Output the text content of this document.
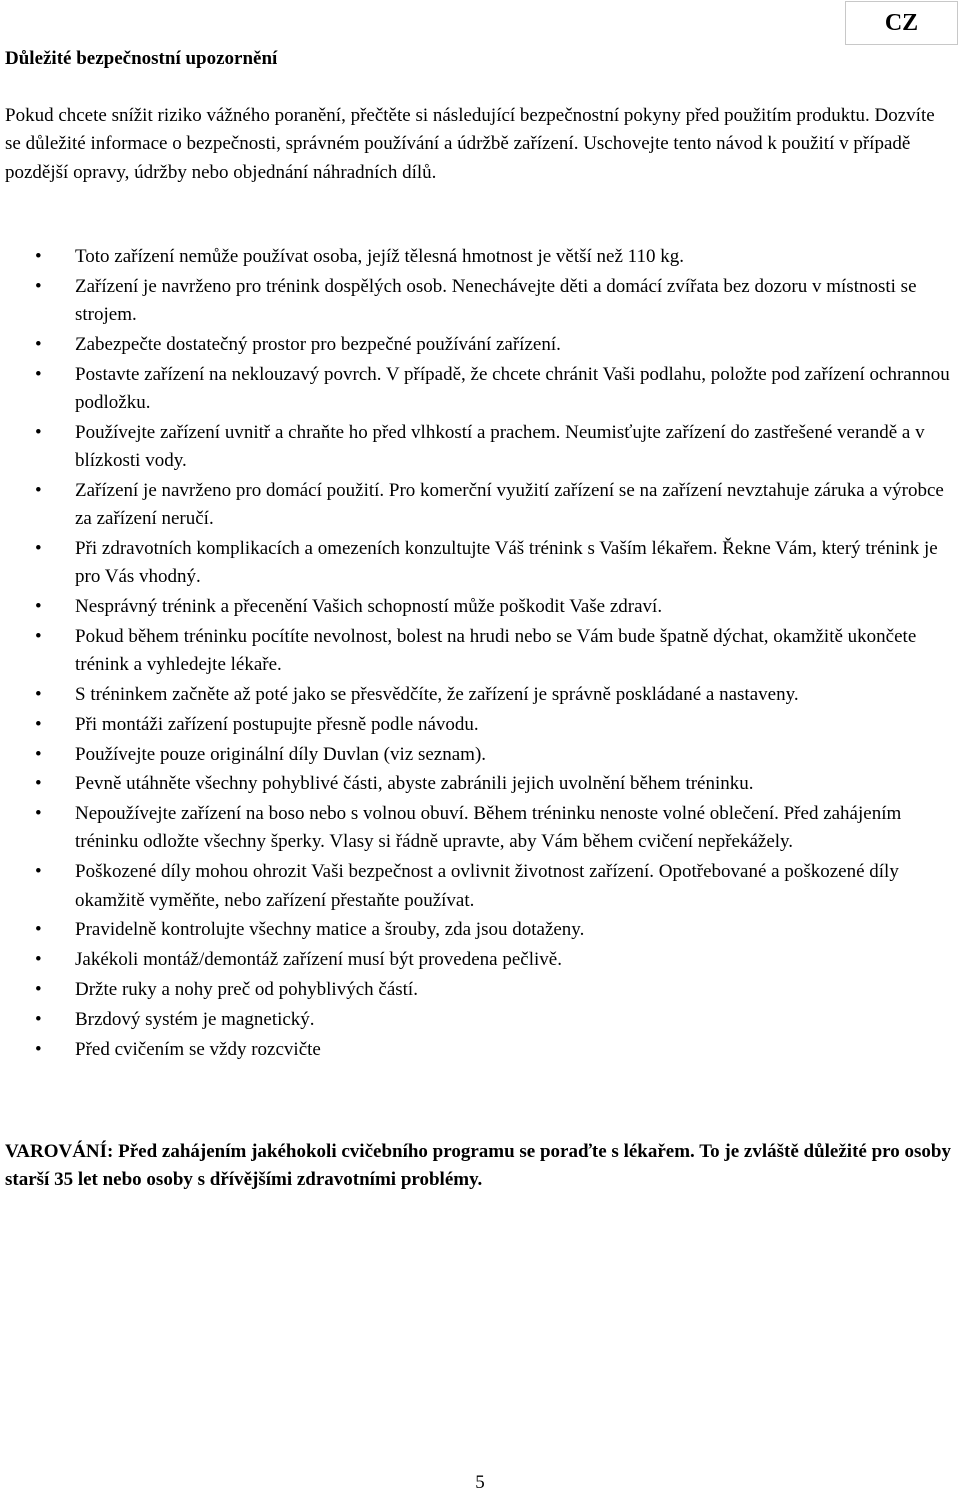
CZ
Důležité bezpečnostní upozornění

Pokud chcete snížit riziko vážného poranění, přečtěte si následující bezpečnostní pokyny před použitím produktu. Dozvíte se důležité informace o bezpečnosti, správném používání a údržbě zařízení. Uschovejte tento návod k použití v případě pozdější opravy, údržby nebo objednání náhradních dílů.

• Toto zařízení nemůže používat osoba, jejíž tělesná hmotnost je větší než 110 kg.
• Zařízení je navrženo pro trénink dospělých osob. Nenechávejte děti a domácí zvířata bez dozoru v místnosti se strojem.
• Zabezpečte dostatečný prostor pro bezpečné používání zařízení.
• Postavte zařízení na neklouzavý povrch. V případě, že chcete chránit Vaši podlahu, položte pod zařízení ochrannou podložku.
• Používejte zařízení uvnitř a chraňte ho před vlhkostí a prachem. Neumisťujte zařízení do zastřešené verandě a v blízkosti vody.
• Zařízení je navrženo pro domácí použití. Pro komerční využití zařízení se na zařízení nevztahuje záruka a výrobce za zařízení neručí.
• Při zdravotních komplikacích a omezeních konzultujte Váš trénink s Vaším lékařem. Řekne Vám, který trénink je pro Vás vhodný.
• Nesprávný trénink a přecenění Vašich schopností může poškodit Vaše zdraví.
• Pokud během tréninku pocítíte nevolnost, bolest na hrudi nebo se Vám bude špatně dýchat, okamžitě ukončete trénink a vyhledejte lékaře.
• S tréninkem začněte až poté jako se přesvědčíte, že zařízení je správně poskládané a nastaveny.
• Při montáži zařízení postupujte přesně podle návodu.
• Používejte pouze originální díly Duvlan (viz seznam).
• Pevně utáhněte všechny pohyblivé části, abyste zabránili jejich uvolnění během tréninku.
• Nepoužívejte zařízení na boso nebo s volnou obuví. Během tréninku nenoste volné oblečení. Před zahájením tréninku odložte všechny šperky. Vlasy si řádně upravte, aby Vám během cvičení nepřekážely.
• Poškozené díly mohou ohrozit Vaši bezpečnost a ovlivnit životnost zařízení. Opotřebované a poškozené díly okamžitě vyměňte, nebo zařízení přestaňte používat.
• Pravidelně kontrolujte všechny matice a šrouby, zda jsou dotaženy.
• Jakékoli montáž/demontáž zařízení musí být provedena pečlivě.
• Držte ruky a nohy preč od pohyblivých částí.
• Brzdový systém je magnetický.
• Před cvičením se vždy rozcvičte

VAROVÁNÍ: Před zahájením jakéhokoli cvičebního programu se poraďte s lékařem. To je zvláště důležité pro osoby starší 35 let nebo osoby s dřívějšími zdravotními problémy.

5
